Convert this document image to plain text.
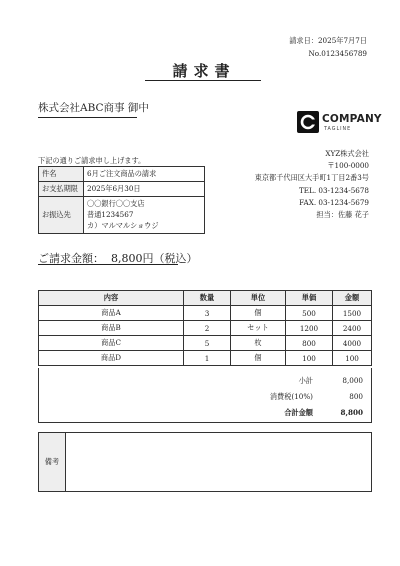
請求日：2025年7月7日
No.0123456789
請求書
株式会社ABC商事 御中
COMPANY
TAGLINE
下記の通りご請求申し上げます。
XYZ株式会社
〒100-0000
東京都千代田区大手町1丁目2番3号
TEL. 03-1234-5678
FAX. 03-1234-5679
担当：佐藤 花子
件名	6月ご注文商品の請求
お支払期限	2025年6月30日
お振込先	〇〇銀行〇〇支店
普通1234567
カ）マルマルショウジ
ご請求金額： 8,800円（税込）
内容	数量	単位	単価	金額
商品A	3	個	500	1500
商品B	2	セット	1200	2400
商品C	5	枚	800	4000
商品D	1	個	100	100
小計	8,000
消費税(10%)	800
合計金額	8,800
備考
